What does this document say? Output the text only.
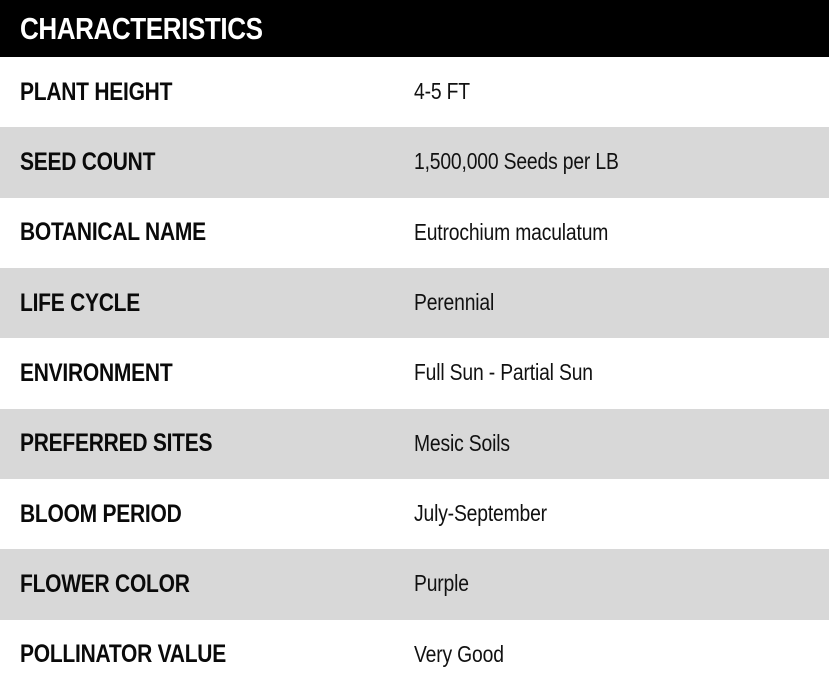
CHARACTERISTICS
PLANT HEIGHT	4-5 FT
SEED COUNT	1,500,000 Seeds per LB
BOTANICAL NAME	Eutrochium maculatum
LIFE CYCLE	Perennial
ENVIRONMENT	Full Sun - Partial Sun
PREFERRED SITES	Mesic Soils
BLOOM PERIOD	July-September
FLOWER COLOR	Purple
POLLINATOR VALUE	Very Good
